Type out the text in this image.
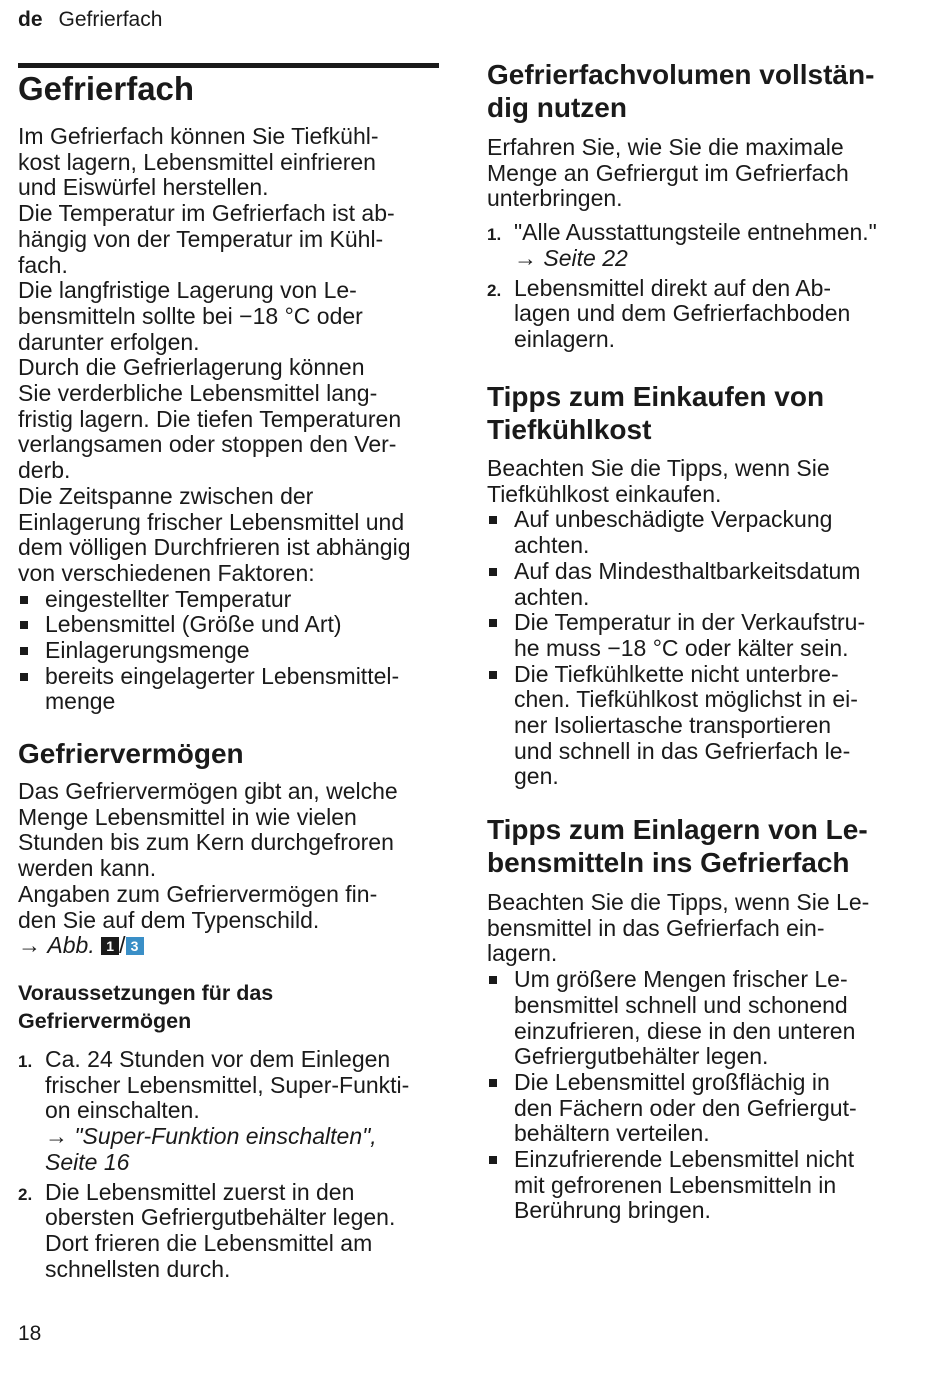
de Gefrierfach
Gefrierfach
Im Gefrierfach können Sie Tiefkühl-
kost lagern, Lebensmittel einfrieren
und Eiswürfel herstellen.
Die Temperatur im Gefrierfach ist ab-
hängig von der Temperatur im Kühl-
fach.
Die langfristige Lagerung von Le-
bensmitteln sollte bei −18 °C oder
darunter erfolgen.
Durch die Gefrierlagerung können
Sie verderbliche Lebensmittel lang-
fristig lagern. Die tiefen Temperaturen
verlangsamen oder stoppen den Ver-
derb.
Die Zeitspanne zwischen der
Einlagerung frischer Lebensmittel und
dem völligen Durchfrieren ist abhängig
von verschiedenen Faktoren:
eingestellter Temperatur
Lebensmittel (Größe und Art)
Einlagerungsmenge
bereits eingelagerter Lebensmittel-
menge
Gefriervermögen
Das Gefriervermögen gibt an, welche
Menge Lebensmittel in wie vielen
Stunden bis zum Kern durchgefroren
werden kann.
Angaben zum Gefriervermögen fin-
den Sie auf dem Typenschild.
→ Abb. 1 / 3
Voraussetzungen für das
Gefriervermögen
1. Ca. 24 Stunden vor dem Einlegen
frischer Lebensmittel, Super-Funkti-
on einschalten.
→ "Super-Funktion einschalten",
Seite 16
2. Die Lebensmittel zuerst in den
obersten Gefriergutbehälter legen.
Dort frieren die Lebensmittel am
schnellsten durch.
Gefrierfachvolumen vollstän-
dig nutzen
Erfahren Sie, wie Sie die maximale
Menge an Gefriergut im Gefrierfach
unterbringen.
1. "Alle Ausstattungsteile entnehmen."
→ Seite 22
2. Lebensmittel direkt auf den Ab-
lagen und dem Gefrierfachboden
einlagern.
Tipps zum Einkaufen von
Tiefkühlkost
Beachten Sie die Tipps, wenn Sie
Tiefkühlkost einkaufen.
Auf unbeschädigte Verpackung
achten.
Auf das Mindesthaltbarkeitsdatum
achten.
Die Temperatur in der Verkaufstru-
he muss −18 °C oder kälter sein.
Die Tiefkühlkette nicht unterbre-
chen. Tiefkühlkost möglichst in ei-
ner Isoliertasche transportieren
und schnell in das Gefrierfach le-
gen.
Tipps zum Einlagern von Le-
bensmitteln ins Gefrierfach
Beachten Sie die Tipps, wenn Sie Le-
bensmittel in das Gefrierfach ein-
lagern.
Um größere Mengen frischer Le-
bensmittel schnell und schonend
einzufrieren, diese in den unteren
Gefriergutbehälter legen.
Die Lebensmittel großflächig in
den Fächern oder den Gefriergut-
behältern verteilen.
Einzufrierende Lebensmittel nicht
mit gefrorenen Lebensmitteln in
Berührung bringen.
18
